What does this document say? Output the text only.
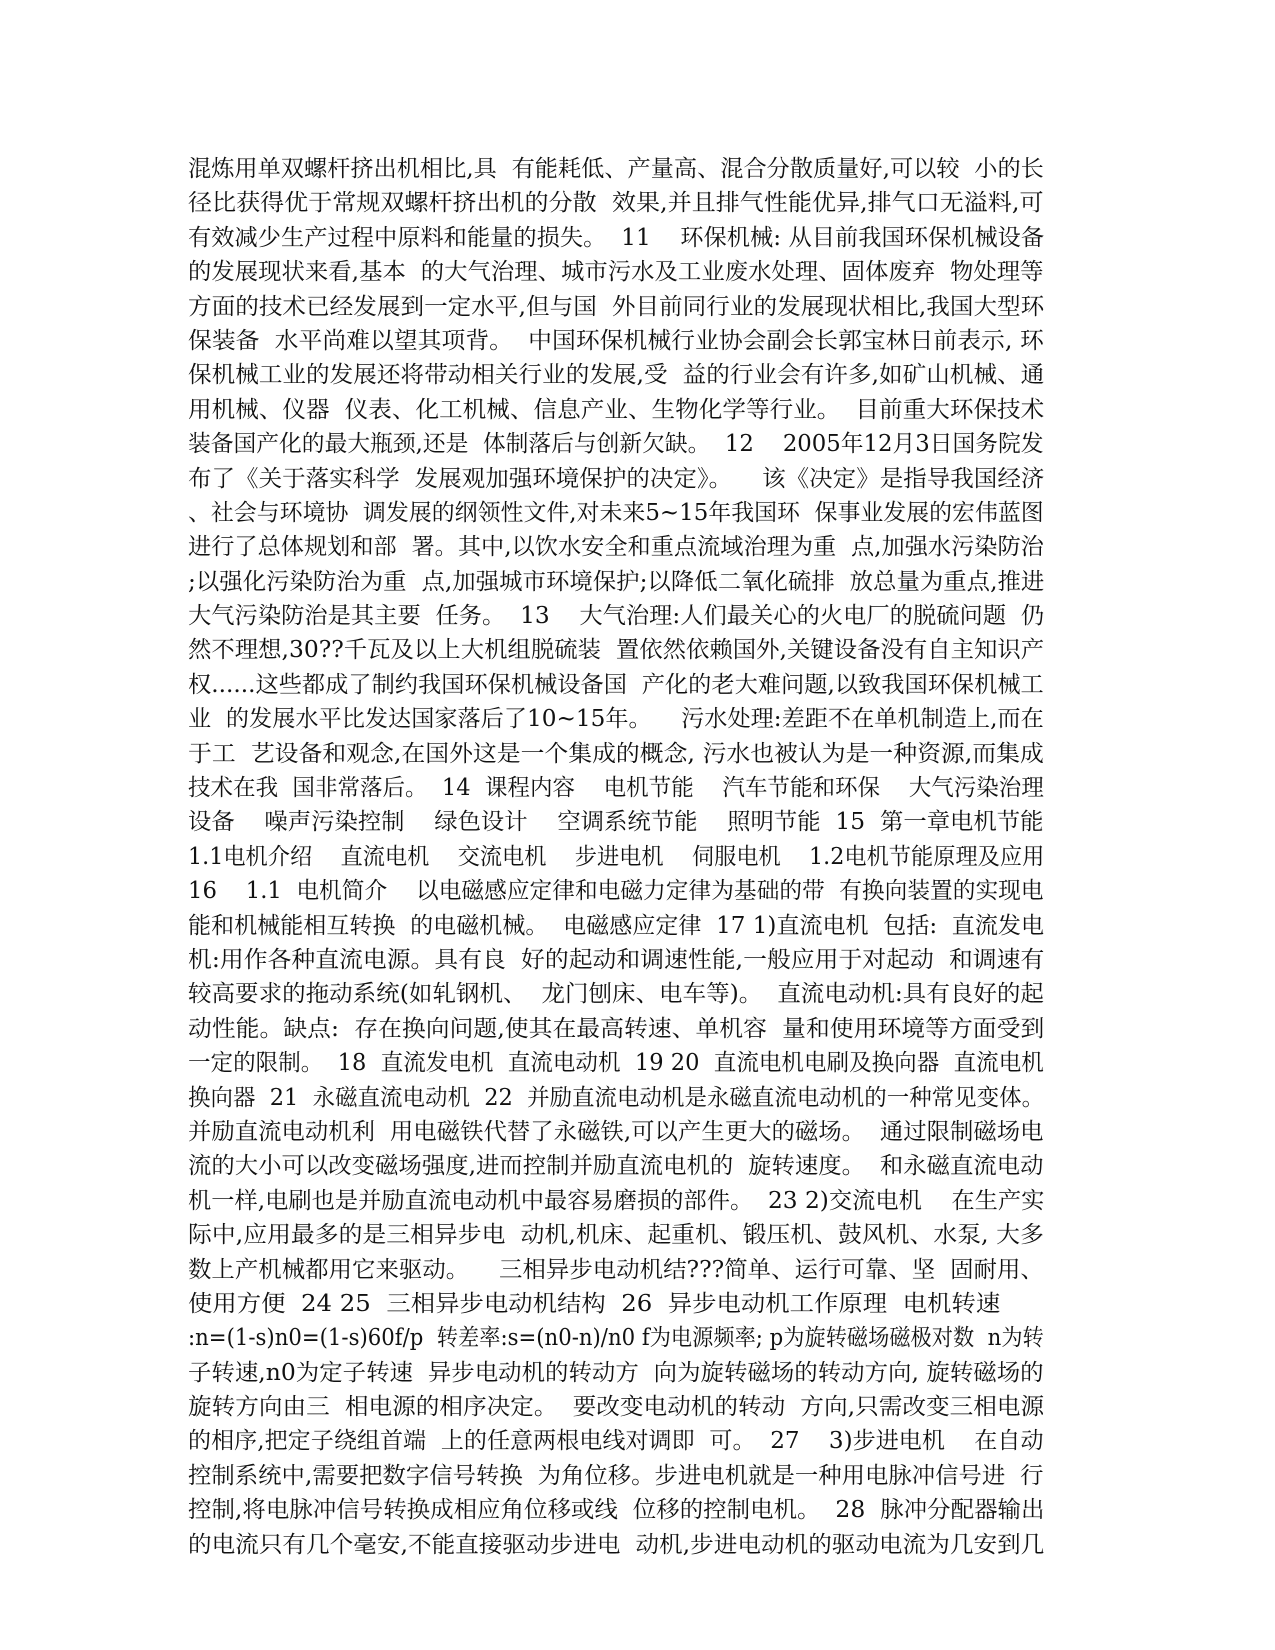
混炼用单双螺杆挤出机相比,具  有能耗低、产量高、混合分散质量好,可以较  小的长
径比获得优于常规双螺杆挤出机的分散  效果,并且排气性能优异,排气口无溢料,可
有效减少生产过程中原料和能量的损失。  11    环保机械: 从目前我国环保机械设备
的发展现状来看,基本  的大气治理、城市污水及工业废水处理、固体废弃  物处理等
方面的技术已经发展到一定水平,但与国  外目前同行业的发展现状相比,我国大型环
保装备  水平尚难以望其项背。  中国环保机械行业协会副会长郭宝林日前表示, 环
保机械工业的发展还将带动相关行业的发展,受  益的行业会有许多,如矿山机械、通
用机械、仪器  仪表、化工机械、信息产业、生物化学等行业。  目前重大环保技术
装备国产化的最大瓶颈,还是  体制落后与创新欠缺。  12    2005年12月3日国务院发
布了《关于落实科学  发展观加强环境保护的决定》。    该《决定》是指导我国经济
、社会与环境协  调发展的纲领性文件,对未来5~15年我国环  保事业发展的宏伟蓝图
进行了总体规划和部  署。其中,以饮水安全和重点流域治理为重  点,加强水污染防治
;以强化污染防治为重  点,加强城市环境保护;以降低二氧化硫排  放总量为重点,推进
大气污染防治是其主要  任务。  13    大气治理:人们最关心的火电厂的脱硫问题  仍
然不理想,30??千瓦及以上大机组脱硫装  置依然依赖国外,关键设备没有自主知识产
权......这些都成了制约我国环保机械设备国  产化的老大难问题,以致我国环保机械工
业  的发展水平比发达国家落后了10~15年。    污水处理:差距不在单机制造上,而在
于工  艺设备和观念,在国外这是一个集成的概念, 污水也被认为是一种资源,而集成
技术在我  国非常落后。  14  课程内容    电机节能    汽车节能和环保    大气污染治理
设备    噪声污染控制    绿色设计    空调系统节能    照明节能  15  第一章电机节能
1.1电机介绍    直流电机    交流电机    步进电机    伺服电机    1.2电机节能原理及应用
16    1.1  电机简介    以电磁感应定律和电磁力定律为基础的带  有换向装置的实现电
能和机械能相互转换  的电磁机械。  电磁感应定律  17 1)直流电机  包括:  直流发电
机:用作各种直流电源。具有良  好的起动和调速性能,一般应用于对起动  和调速有
较高要求的拖动系统(如轧钢机、  龙门刨床、电车等)。  直流电动机:具有良好的起
动性能。缺点:  存在换向问题,使其在最高转速、单机容  量和使用环境等方面受到
一定的限制。  18  直流发电机  直流电动机  19 20  直流电机电刷及换向器  直流电机
换向器  21  永磁直流电动机  22  并励直流电动机是永磁直流电动机的一种常见变体。
并励直流电动机利  用电磁铁代替了永磁铁,可以产生更大的磁场。  通过限制磁场电
流的大小可以改变磁场强度,进而控制并励直流电机的  旋转速度。  和永磁直流电动
机一样,电刷也是并励直流电动机中最容易磨损的部件。  23 2)交流电机    在生产实
际中,应用最多的是三相异步电  动机,机床、起重机、锻压机、鼓风机、水泵, 大多
数上产机械都用它来驱动。    三相异步电动机结???简单、运行可靠、坚  固耐用、
使用方便  24 25  三相异步电动机结构  26  异步电动机工作原理  电机转速
:n=(1-s)n0=(1-s)60f/p  转差率:s=(n0-n)/n0 f为电源频率; p为旋转磁场磁极对数  n为转
子转速,n0为定子转速  异步电动机的转动方  向为旋转磁场的转动方向, 旋转磁场的
旋转方向由三  相电源的相序决定。  要改变电动机的转动  方向,只需改变三相电源
的相序,把定子绕组首端  上的任意两根电线对调即  可。  27    3)步进电机    在自动
控制系统中,需要把数字信号转换  为角位移。步进电机就是一种用电脉冲信号进  行
控制,将电脉冲信号转换成相应角位移或线  位移的控制电机。  28  脉冲分配器输出
的电流只有几个毫安,不能直接驱动步进电  动机,步进电动机的驱动电流为几安到几
